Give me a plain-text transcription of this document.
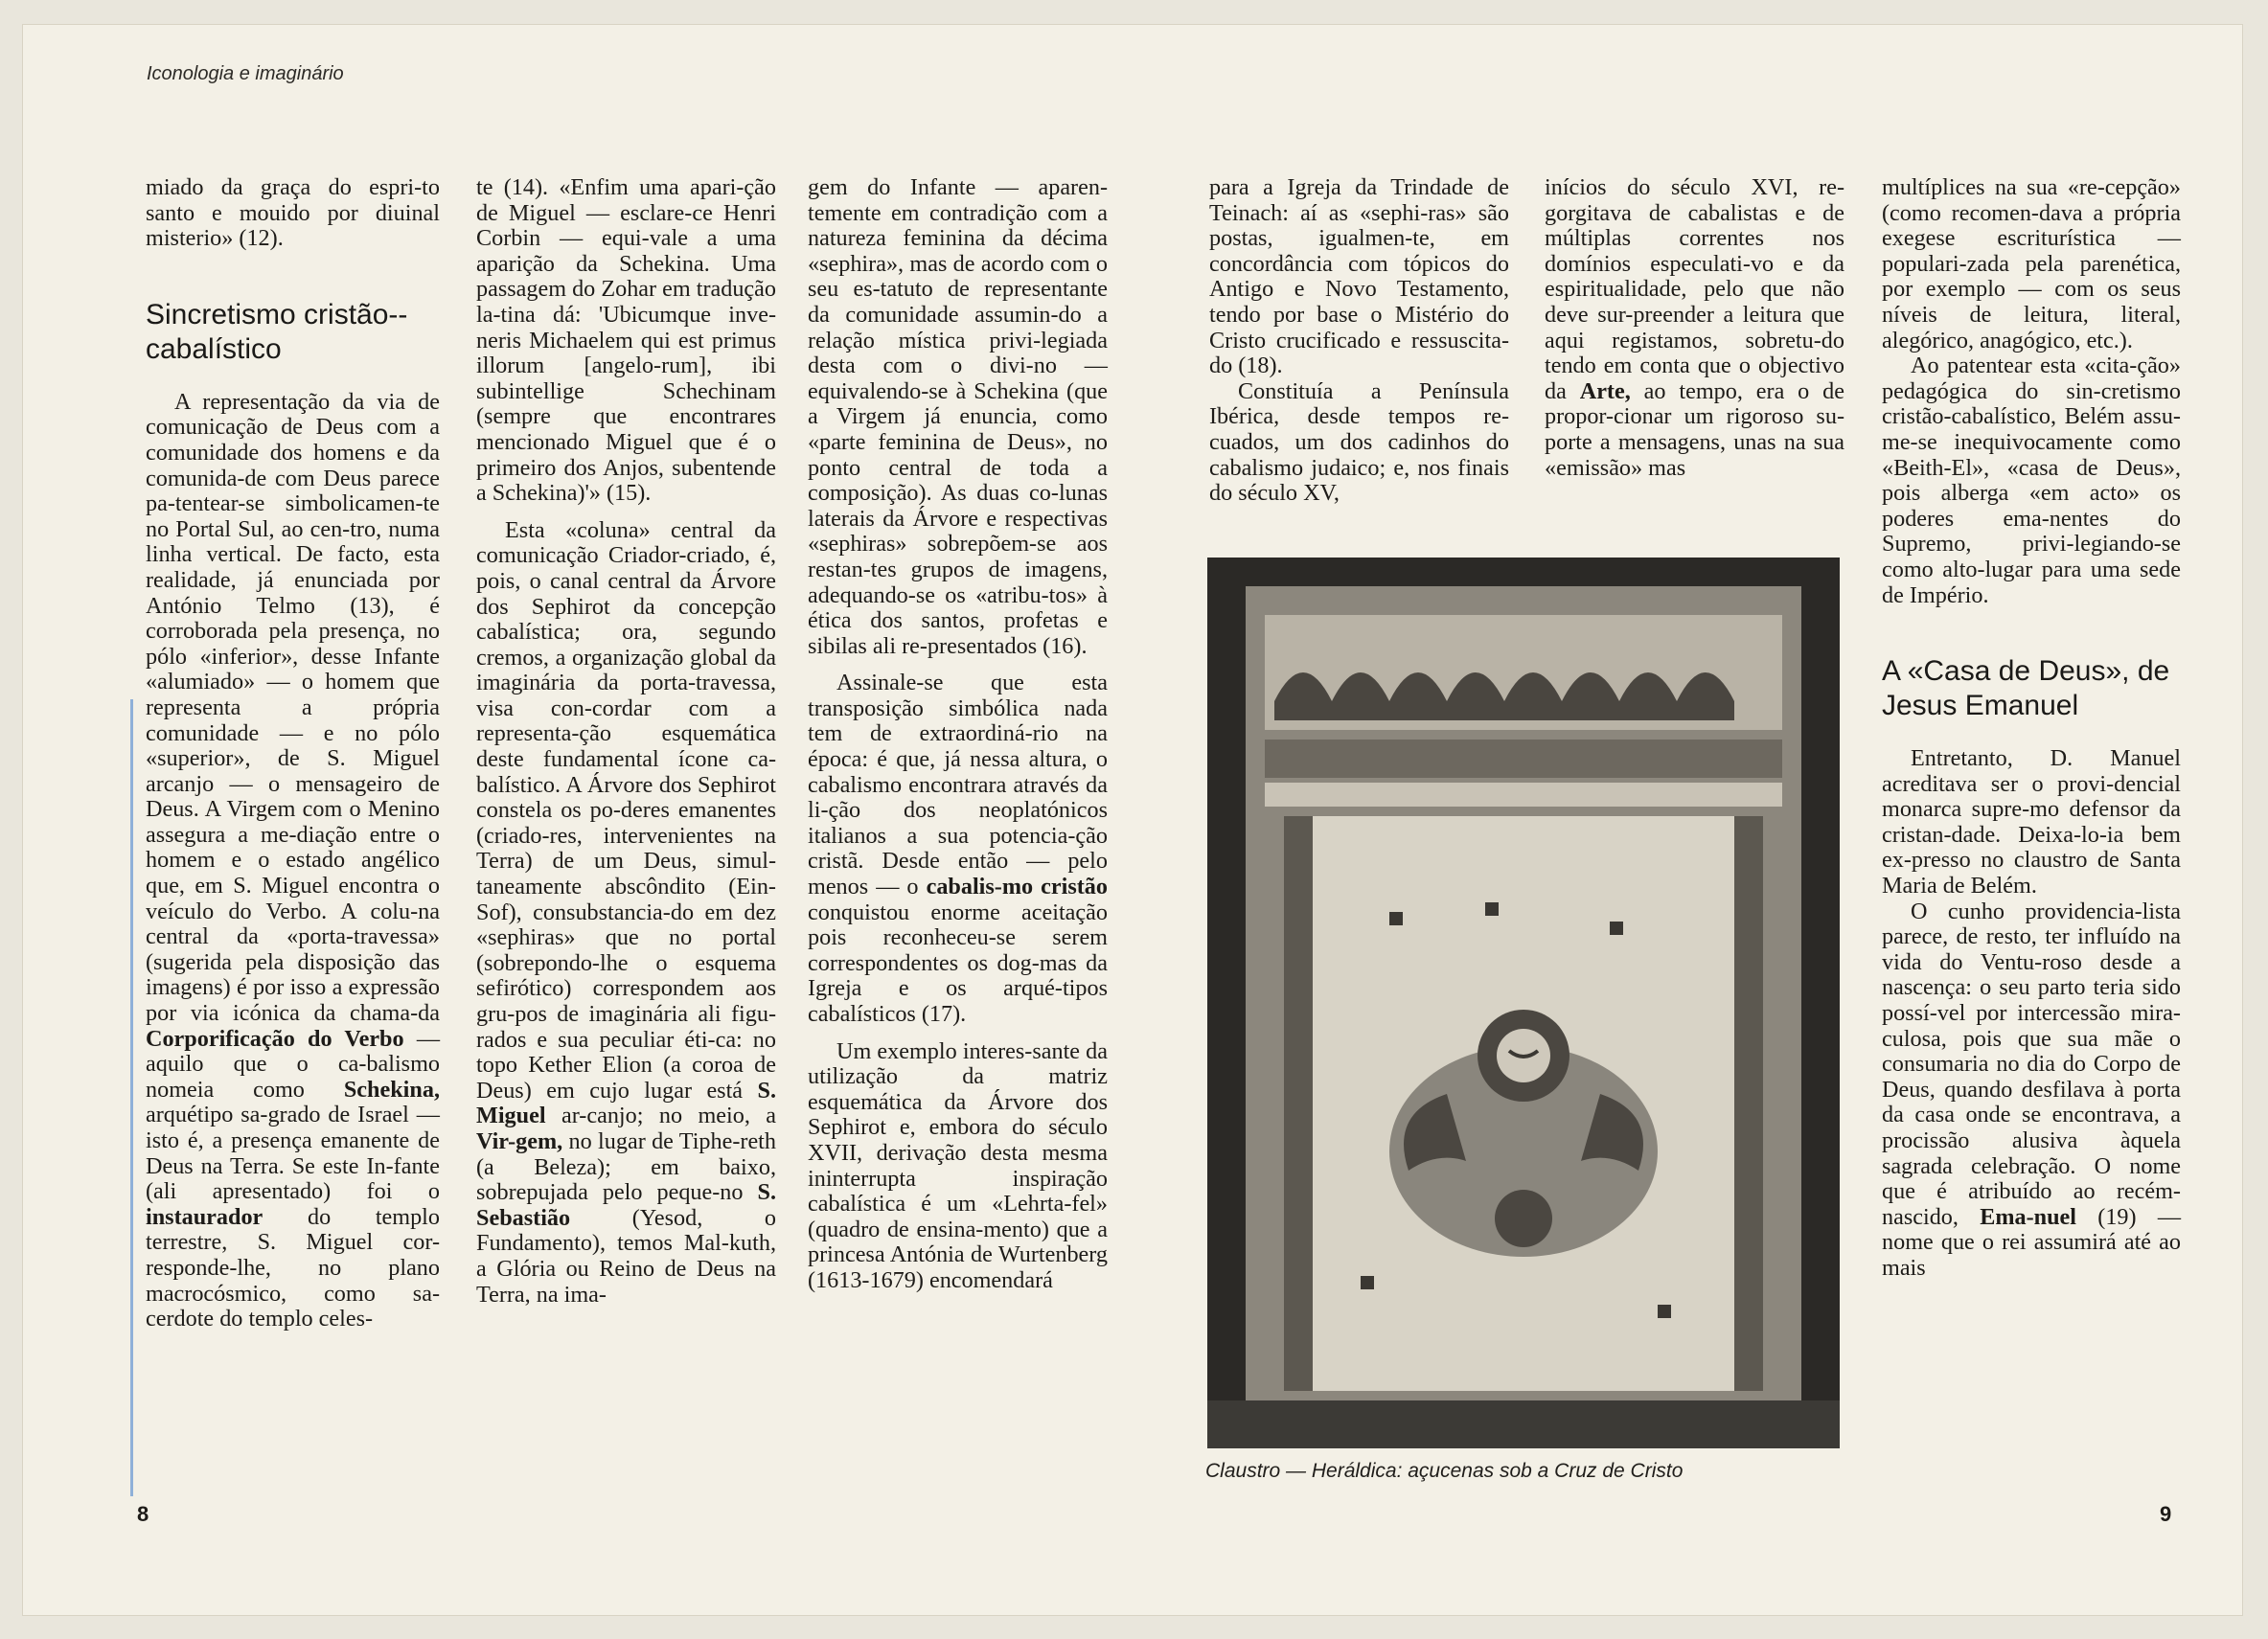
Iconologia e imaginário

miado da graça do espri-to santo e mouido por diuinal misterio» (12).

Sincretismo cristão--cabalístico

A representação da via de comunicação de Deus com a comunidade dos homens e da comunida-de com Deus parece pa-tentear-se simbolicamen-te no Portal Sul, ao cen-tro, numa linha vertical. De facto, esta realidade, já enunciada por António Telmo (13), é corroborada pela presença, no pólo «inferior», desse Infante «alumiado» — o homem que representa a própria comunidade — e no pólo «superior», de S. Miguel arcanjo — o mensageiro de Deus. A Virgem com o Menino assegura a me-diação entre o homem e o estado angélico que, em S. Miguel encontra o veículo do Verbo. A colu-na central da «porta-travessa» (sugerida pela disposição das imagens) é por isso a expressão por via icónica da chama-da Corporificação do Verbo — aquilo que o ca-balismo nomeia como Schekina, arquétipo sa-grado de Israel — isto é, a presença emanente de Deus na Terra. Se este In-fante (ali apresentado) foi o instaurador do templo terrestre, S. Miguel cor-responde-lhe, no plano macrocósmico, como sa-cerdote do templo celes-

te (14). «Enfim uma apari-ção de Miguel — esclare-ce Henri Corbin — equi-vale a uma aparição da Schekina. Uma passagem do Zohar em tradução la-tina dá: 'Ubicumque inve-neris Michaelem qui est primus illorum [angelo-rum], ibi subintellige Schechinam (sempre que encontrares mencionado Miguel que é o primeiro dos Anjos, subentende a Schekina)'» (15).

Esta «coluna» central da comunicação Criador-criado, é, pois, o canal central da Árvore dos Sephirot da concepção cabalística; ora, segundo cremos, a organização global da imaginária da porta-travessa, visa con-cordar com a representa-ção esquemática deste fundamental ícone ca-balístico. A Árvore dos Sephirot constela os po-deres emanentes (criado-res, intervenientes na Terra) de um Deus, simul-taneamente abscôndito (Ein-Sof), consubstancia-do em dez «sephiras» que no portal (sobrepondo-lhe o esquema sefirótico) correspondem aos gru-pos de imaginária ali figu-rados e sua peculiar éti-ca: no topo Kether Elion (a coroa de Deus) em cujo lugar está S. Miguel ar-canjo; no meio, a Vir-gem, no lugar de Tiphe-reth (a Beleza); em baixo, sobrepujada pelo peque-no S. Sebastião	(Yesod, o Fundamento), temos Mal-kuth, a Glória ou Reino de Deus na Terra, na ima-

gem do Infante — aparen-temente em contradição com a natureza feminina da décima «sephira», mas de acordo com o seu es-tatuto de representante da comunidade assumin-do a relação mística privi-legiada desta com o divi-no — equivalendo-se à Schekina (que a Virgem já enuncia, como «parte feminina de Deus», no ponto central de toda a composição). As duas co-lunas laterais da Árvore e respectivas «sephiras» sobrepõem-se aos restan-tes grupos de imagens, adequando-se os «atribu-tos» à ética dos santos, profetas e sibilas ali re-presentados (16).

Assinale-se que esta transposição simbólica nada tem de extraordiná-rio na época: é que, já nessa altura, o cabalismo encontrara através da li-ção dos neoplatónicos italianos a sua potencia-ção cristã. Desde então — pelo menos — o cabalis-mo cristão conquistou enorme aceitação pois reconheceu-se serem correspondentes os dog-mas da Igreja e os arqué-tipos cabalísticos (17).

Um exemplo interes-sante da utilização da matriz esquemática da Árvore dos Sephirot e, embora do século XVII, derivação desta mesma ininterrupta inspiração cabalística é um «Lehrta-fel» (quadro de ensina-mento) que a princesa Antónia de Wurtenberg (1613-1679) encomendará

para a Igreja da Trindade de Teinach: aí as «sephi-ras» são postas, igualmen-te, em concordância com tópicos do Antigo e Novo Testamento, tendo por base o Mistério do Cristo crucificado e ressuscita-do (18).

Constituía a Península Ibérica, desde tempos re-cuados, um dos cadinhos do cabalismo judaico; e, nos finais do século XV,

inícios do século XVI, re-gorgitava de cabalistas e de múltiplas correntes nos domínios especulati-vo e da espiritualidade, pelo que não deve sur-preender a leitura que aqui registamos, sobretu-do tendo em conta que o objectivo da Arte, ao tempo, era o de propor-cionar um rigoroso su-porte a mensagens, unas na sua «emissão» mas

multíplices na sua «re-cepção» (como recomen-dava a própria exegese escriturística — populari-zada pela parenética, por exemplo — com os seus níveis de leitura, literal, alegórico, anagógico, etc.).

Ao patentear esta «cita-ção» pedagógica do sin-cretismo cristão-cabalístico, Belém assu-me-se inequivocamente como «Beith-El», «casa de Deus», pois alberga «em acto» os poderes ema-nentes do Supremo, privi-legiando-se como alto-lugar para uma sede de Império.

A «Casa de Deus», de Jesus Emanuel

Entretanto, D. Manuel acreditava ser o provi-dencial monarca supre-mo defensor da cristan-dade. Deixa-lo-ia bem ex-presso no claustro de Santa Maria de Belém.

O cunho providencia-lista parece, de resto, ter influído na vida do Ventu-roso desde a nascença: o seu parto teria sido possí-vel por intercessão mira-culosa, pois que sua mãe o consumaria no dia do Corpo de Deus, quando desfilava à porta da casa onde se encontrava, a procissão alusiva àquela sagrada celebração. O nome que é atribuído ao recém-nascido, Ema-nuel (19) — nome que o rei assumirá até ao mais

Claustro — Heráldica: açucenas sob a Cruz de Cristo
8	9
